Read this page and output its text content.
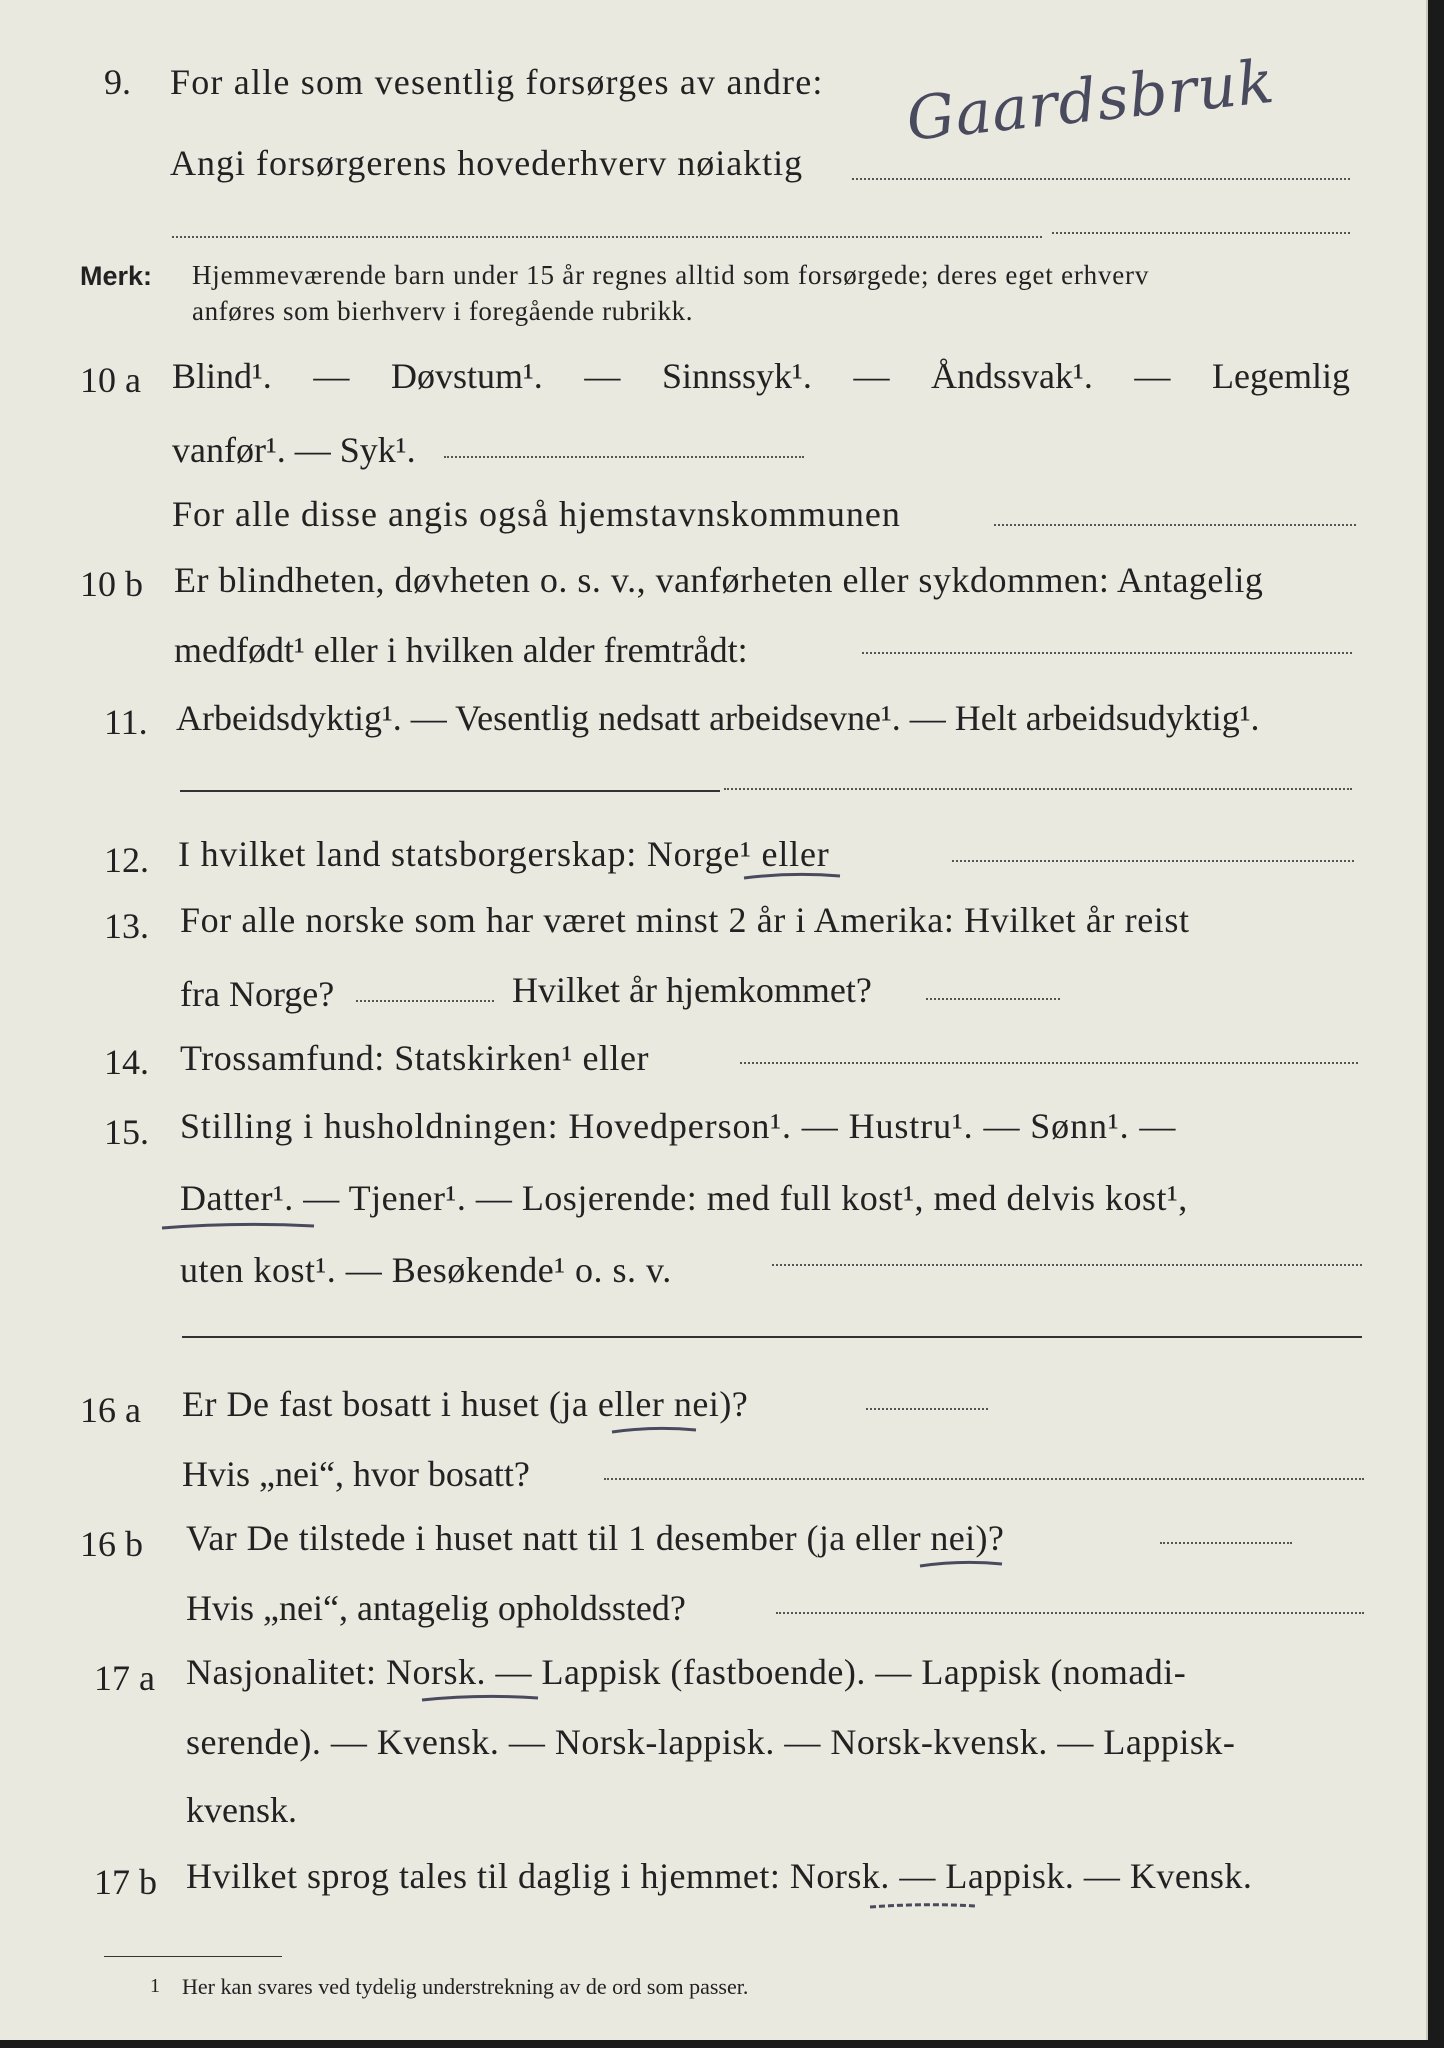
9. For alle som vesentlig forsørges av andre:
Angi forsørgerens hovederhverv nøiaktig
Gaardsbruk
Merk: Hjemmeværende barn under 15 år regnes alltid som forsørgede; deres eget erhverv
anføres som bierhverv i foregående rubrikk.
10 a Blind¹. — Døvstum¹. — Sinnssyk¹. — Åndssvak¹. — Legemlig
vanfør¹. — Syk¹.
For alle disse angis også hjemstavnskommunen
10 b Er blindheten, døvheten o. s. v., vanførheten eller sykdommen: Antagelig
medfødt¹ eller i hvilken alder fremtrådt:
11. Arbeidsdyktig¹. — Vesentlig nedsatt arbeidsevne¹. — Helt arbeidsudyktig¹.
12. I hvilket land statsborgerskap: Norge¹ eller
13. For alle norske som har været minst 2 år i Amerika: Hvilket år reist
fra Norge?	Hvilket år hjemkommet?
14. Trossamfund: Statskirken¹ eller
15. Stilling i husholdningen: Hovedperson¹. — Hustru¹. — Sønn¹. —
Datter¹. — Tjener¹. — Losjerende: med full kost¹, med delvis kost¹,
uten kost¹. — Besøkende¹ o. s. v.
16 a Er De fast bosatt i huset (ja eller nei)?
Hvis „nei“, hvor bosatt?
16 b Var De tilstede i huset natt til 1 desember (ja eller nei)?
Hvis „nei“, antagelig opholdssted?
17 a Nasjonalitet: Norsk. — Lappisk (fastboende). — Lappisk (nomadi-
serende). — Kvensk. — Norsk-lappisk. — Norsk-kvensk. — Lappisk-
kvensk.
17 b Hvilket sprog tales til daglig i hjemmet: Norsk. — Lappisk. — Kvensk.
1 Her kan svares ved tydelig understrekning av de ord som passer.
